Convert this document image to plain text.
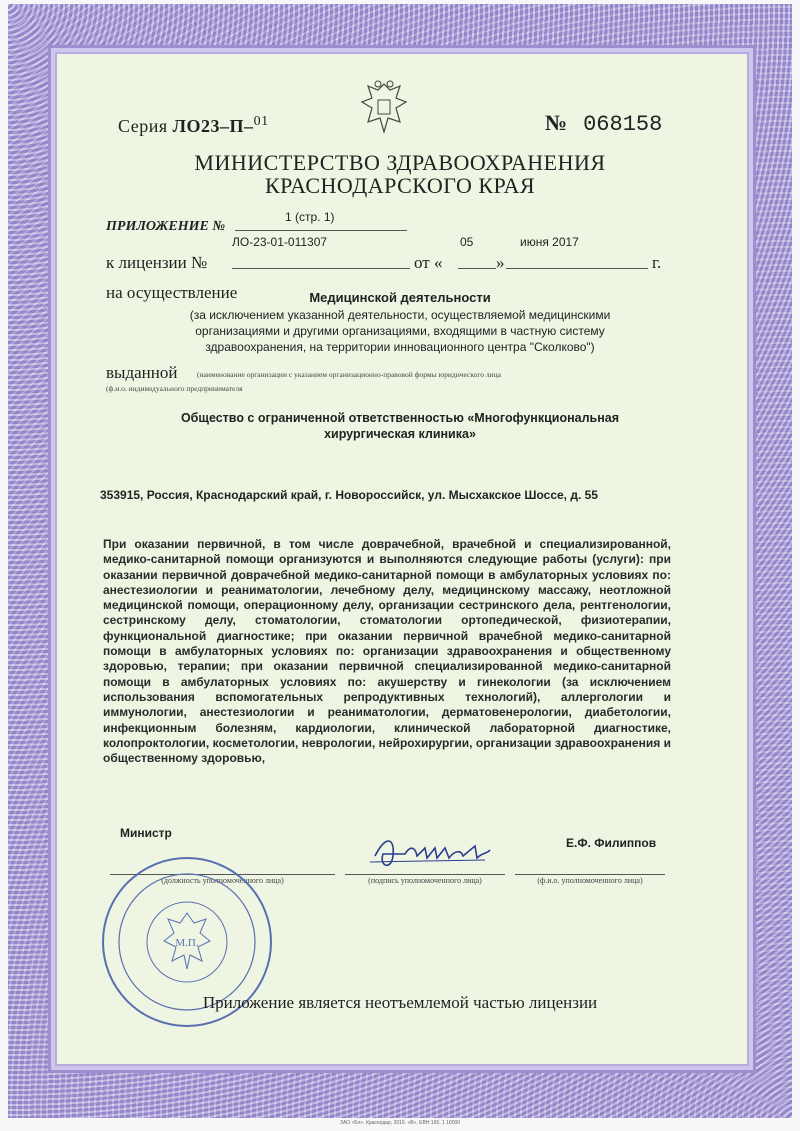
Серия ЛО23–П–$^{01}$	№ 068158
МИНИСТЕРСТВО ЗДРАВООХРАНЕНИЯ
КРАСНОДАРСКОГО КРАЯ
ПРИЛОЖЕНИЕ №
1 (стр. 1)
ЛО-23-01-011307	05	июня 2017
к лицензии №	от «	»	г.
на осуществление	Медицинской деятельности
(за исключением указанной деятельности, осуществляемой медицинскими организациями и другими организациями, входящими в частную систему здравоохранения, на территории инновационного центра "Сколково")
выданной	(наименование организации с указанием организационно-правовой формы юридического лица
(ф.и.о. индивидуального предпринимателя
Общество с ограниченной ответственностью «Многофункциональная
хирургическая клиника»
353915, Россия, Краснодарский край, г. Новороссийск, ул. Мысхакское Шоссе, д. 55
При оказании первичной, в том числе доврачебной, врачебной и специализированной, медико-санитарной помощи организуются и выполняются следующие работы (услуги): при оказании первичной доврачебной медико-санитарной помощи в амбулаторных условиях по: анестезиологии и реаниматологии, лечебному делу, медицинскому массажу, неотложной медицинской помощи, операционному делу, организации сестринского дела, рентгенологии, сестринскому делу, стоматологии, стоматологии ортопедической, физиотерапии, функциональной диагностике; при оказании первичной врачебной медико-санитарной помощи в амбулаторных условиях по: организации здравоохранения и общественному здоровью, терапии; при оказании первичной специализированной медико-санитарной помощи в амбулаторных условиях по: акушерству и гинекологии (за исключением использования вспомогательных репродуктивных технологий), аллергологии и иммунологии, анестезиологии и реаниматологии, дерматовенерологии, диабетологии, инфекционным болезням, кардиологии, клинической лабораторной диагностике, колопроктологии, косметологии, неврологии, нейрохирургии, организации здравоохранения и общественному здоровью,
Министр
Е.Ф. Филиппов
(должность уполномоченного лица)	(подпись уполномоченного лица)	(ф.и.о. уполномоченного лица)
М.П.
Приложение является неотъемлемой частью лицензии
ЗАО «Бл». Краснодар, 2016. «В», ЕВН 165, 1 10000
